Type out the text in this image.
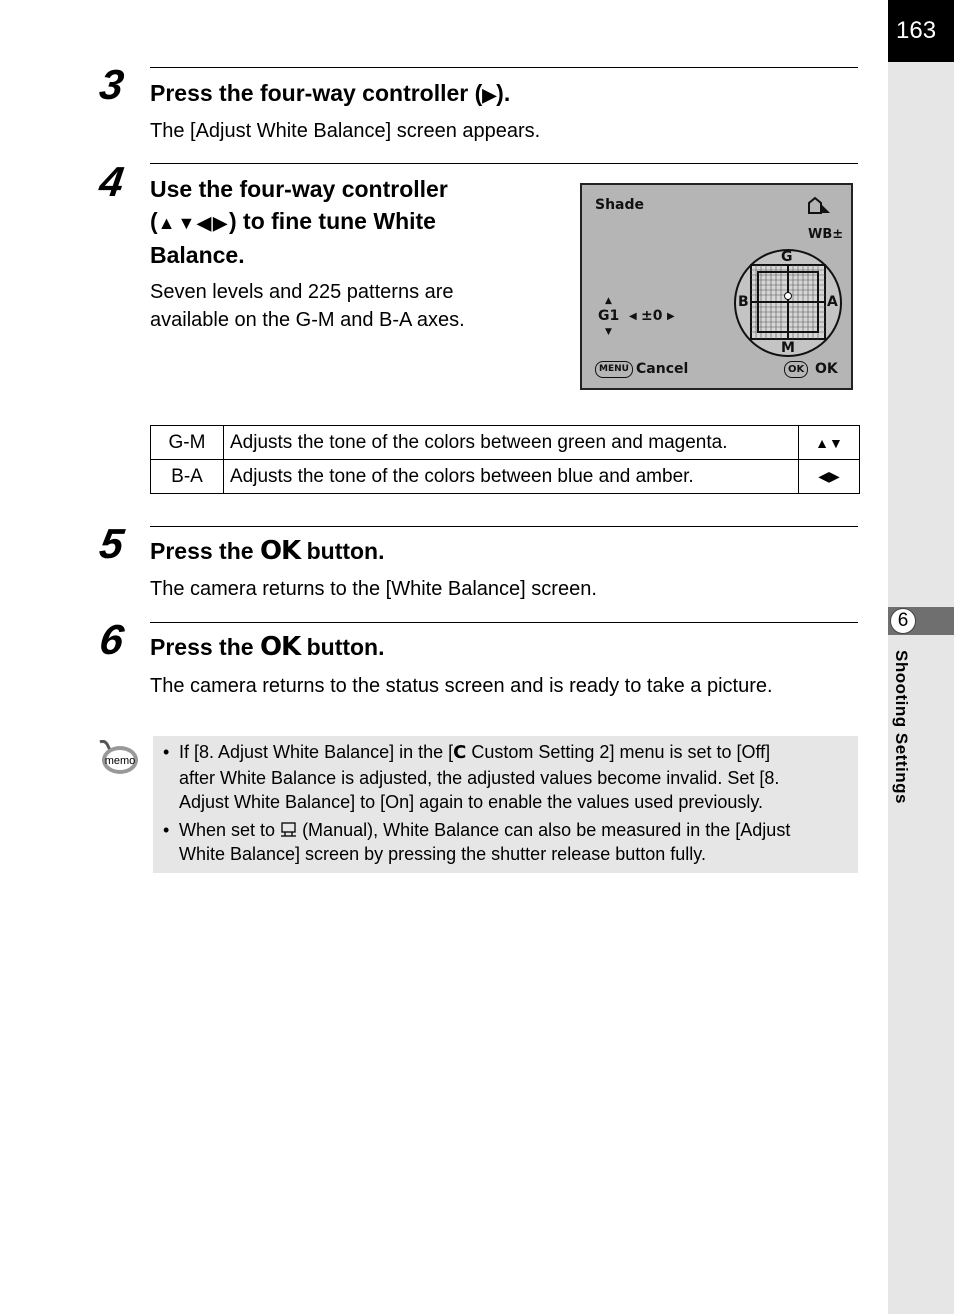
163
6
Shooting Settings
3 Press the four-way controller (▶).
The [Adjust White Balance] screen appears.
4 Use the four-way controller
(▲▼◀▶) to fine tune White
Balance.
Seven levels and 225 patterns are
available on the G-M and B-A axes.
Shade
WB±
G
M
B	A
▲
G1
▼
◀ ±0 ▶
MENU Cancel	OK OK
G-M	Adjusts the tone of the colors between green and magenta.	▲▼
B-A	Adjusts the tone of the colors between blue and amber.	◀▶
5 Press the OK button.
The camera returns to the [White Balance] screen.
6 Press the OK button.
The camera returns to the status screen and is ready to take a picture.
memo • If [8. Adjust White Balance] in the [C Custom Setting 2] menu is set to [Off]
after White Balance is adjusted, the adjusted values become invalid. Set [8.
Adjust White Balance] to [On] again to enable the values used previously.
• When set to  (Manual), White Balance can also be measured in the [Adjust
White Balance] screen by pressing the shutter release button fully.
